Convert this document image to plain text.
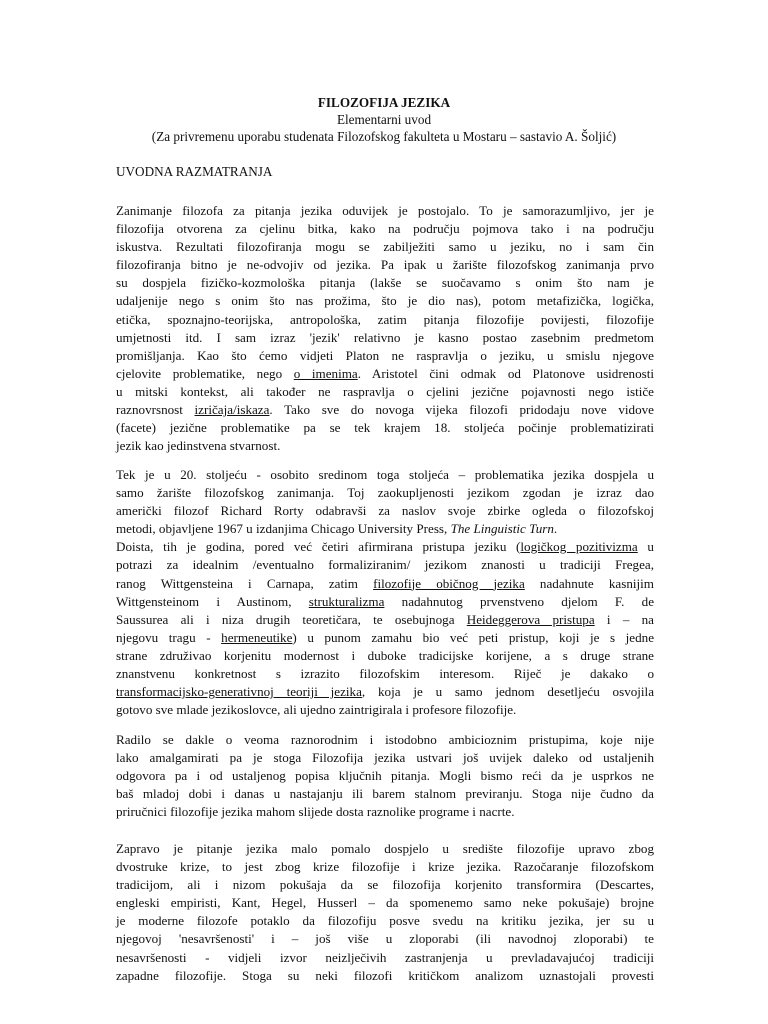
FILOZOFIJA JEZIKA
Elementarni uvod
(Za privremenu uporabu studenata Filozofskog fakulteta u Mostaru – sastavio A. Šoljić)
UVODNA RAZMATRANJA
Zanimanje filozofa za pitanja jezika oduvijek je postojalo. To je samorazumljivo, jer je
filozofija otvorena za cjelinu bitka, kako na području pojmova tako i na području
iskustva. Rezultati filozofiranja mogu se zabilježiti samo u jeziku, no i sam čin
filozofiranja bitno je ne-odvojiv od jezika. Pa ipak u žarište filozofskog zanimanja prvo
su dospjela fizičko-kozmološka pitanja (lakše se suočavamo s onim što nam je
udaljenije nego s onim što nas prožima, što je dio nas), potom metafizička, logička,
etička, spoznajno-teorijska, antropološka, zatim pitanja filozofije povijesti, filozofije
umjetnosti itd. I sam izraz 'jezik' relativno je kasno postao zasebnim predmetom
promišljanja. Kao što ćemo vidjeti Platon ne raspravlja o jeziku, u smislu njegove
cjelovite problematike, nego o imenima. Aristotel čini odmak od Platonove usidrenosti
u mitski kontekst, ali također ne raspravlja o cjelini jezične pojavnosti nego ističe
raznovrsnost izričaja/iskaza. Tako sve do novoga vijeka filozofi pridodaju nove vidove
(facete) jezične problematike pa se tek krajem 18. stoljeća počinje problematizirati
jezik kao jedinstvena stvarnost.
Tek je u 20. stoljeću - osobito sredinom toga stoljeća – problematika jezika dospjela u
samo žarište filozofskog zanimanja. Toj zaokupljenosti jezikom zgodan je izraz dao
američki filozof Richard Rorty odabravši za naslov svoje zbirke ogleda o filozofskoj
metodi, objavljene 1967 u izdanjima Chicago University Press, The Linguistic Turn.
Doista, tih je godina, pored već četiri afirmirana pristupa jeziku (logičkog pozitivizma u
potrazi za idealnim /eventualno formaliziranim/ jezikom znanosti u tradiciji Fregea,
ranog Wittgensteina i Carnapa, zatim filozofije običnog jezika nadahnute kasnijim
Wittgensteinom i Austinom, strukturalizma nadahnutog prvenstveno djelom F. de
Saussurea ali i niza drugih teoretičara, te osebujnoga Heideggerova pristupa i – na
njegovu tragu - hermeneutike) u punom zamahu bio već peti pristup, koji je s jedne
strane združivao korjenitu modernost i duboke tradicijske korijene, a s druge strane
znanstvenu konkretnost s izrazito filozofskim interesom. Riječ je dakako o
transformacijsko-generativnoj teoriji jezika, koja je u samo jednom desetljeću osvojila
gotovo sve mlade jezikoslovce, ali ujedno zaintrigirala i profesore filozofije.
Radilo se dakle o veoma raznorodnim i istodobno ambicioznim pristupima, koje nije
lako amalgamirati pa je stoga Filozofija jezika ustvari još uvijek daleko od ustaljenih
odgovora pa i od ustaljenog popisa ključnih pitanja. Mogli bismo reći da je usprkos ne
baš mladoj dobi i danas u nastajanju ili barem stalnom previranju. Stoga nije čudno da
priručnici filozofije jezika mahom slijede dosta raznolike programe i nacrte.
Zapravo je pitanje jezika malo pomalo dospjelo u središte filozofije upravo zbog
dvostruke krize, to jest zbog krize filozofije i krize jezika. Razočaranje filozofskom
tradicijom, ali i nizom pokušaja da se filozofija korjenito transformira (Descartes,
engleski empiristi, Kant, Hegel, Husserl – da spomenemo samo neke pokušaje) brojne
je moderne filozofe potaklo da filozofiju posve svedu na kritiku jezika, jer su u
njegovoj 'nesavršenosti' i – još više u zloporabi (ili navodnoj zloporabi) te
nesavršenosti - vidjeli izvor neizlječivih zastranjenja u prevladavajućoj tradiciji
zapadne filozofije. Stoga su neki filozofi kritičkom analizom uznastojali provesti
